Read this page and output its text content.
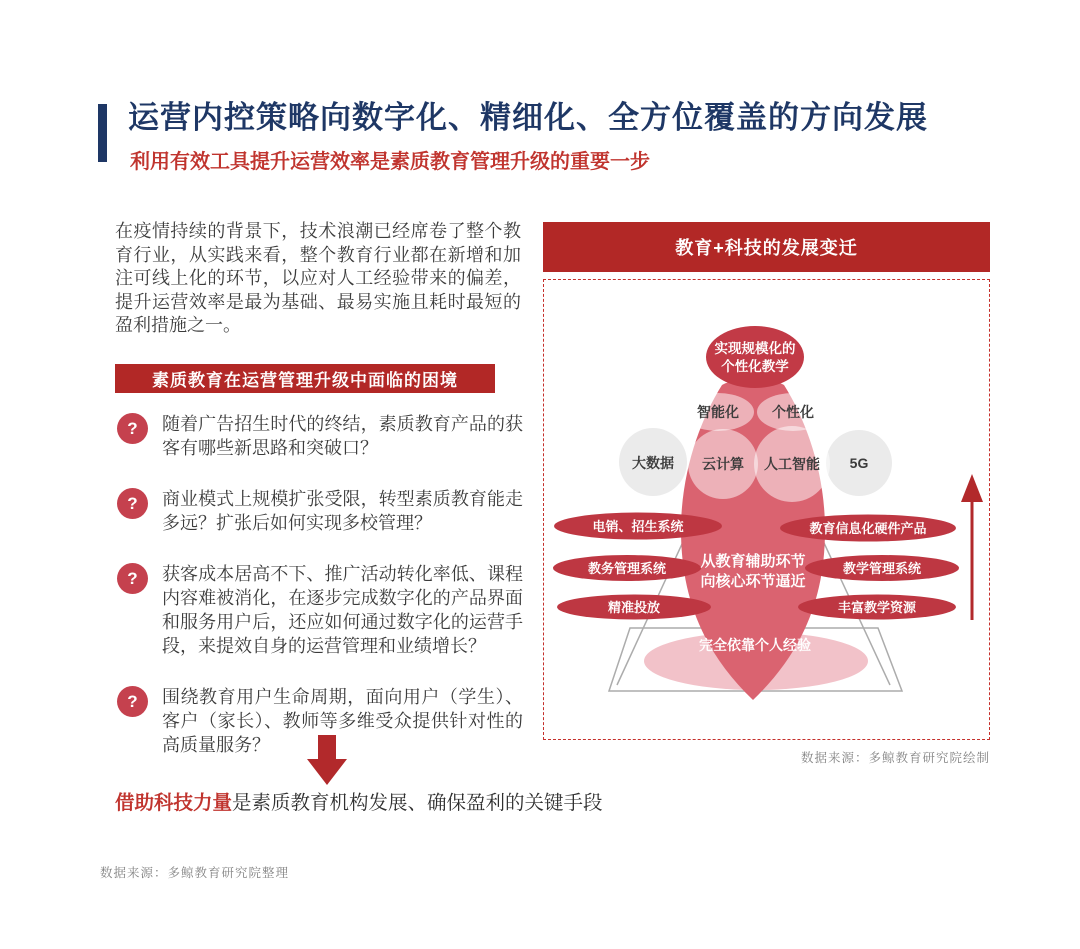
运营内控策略向数字化、精细化、全方位覆盖的方向发展
利用有效工具提升运营效率是素质教育管理升级的重要一步
在疫情持续的背景下，技术浪潮已经席卷了整个教育行业，从实践来看，整个教育行业都在新增和加注可线上化的环节，以应对人工经验带来的偏差，提升运营效率是最为基础、最易实施且耗时最短的盈利措施之一。
素质教育在运营管理升级中面临的困境
?	随着广告招生时代的终结，素质教育产品的获客有哪些新思路和突破口？
?	商业模式上规模扩张受限，转型素质教育能走多远？扩张后如何实现多校管理？
?	获客成本居高不下、推广活动转化率低、课程内容难被消化，在逐步完成数字化的产品界面和服务用户后，还应如何通过数字化的运营手段，来提效自身的运营管理和业绩增长？
?	围绕教育用户生命周期，面向用户（学生）、客户（家长）、教师等多维受众提供针对性的高质量服务？
借助科技力量是素质教育机构发展、确保盈利的关键手段
数据来源：多鲸教育研究院整理
教育+科技的发展变迁
实现规模化的
个性化教学
电销、招生系统
教务管理系统
精准投放
教育信息化硬件产品
教学管理系统
丰富教学资源
智能化 个性化
大数据 云计算 人工智能 5G
从教育辅助环节
向核心环节逼近
完全依靠个人经验
数据来源：多鲸教育研究院绘制
